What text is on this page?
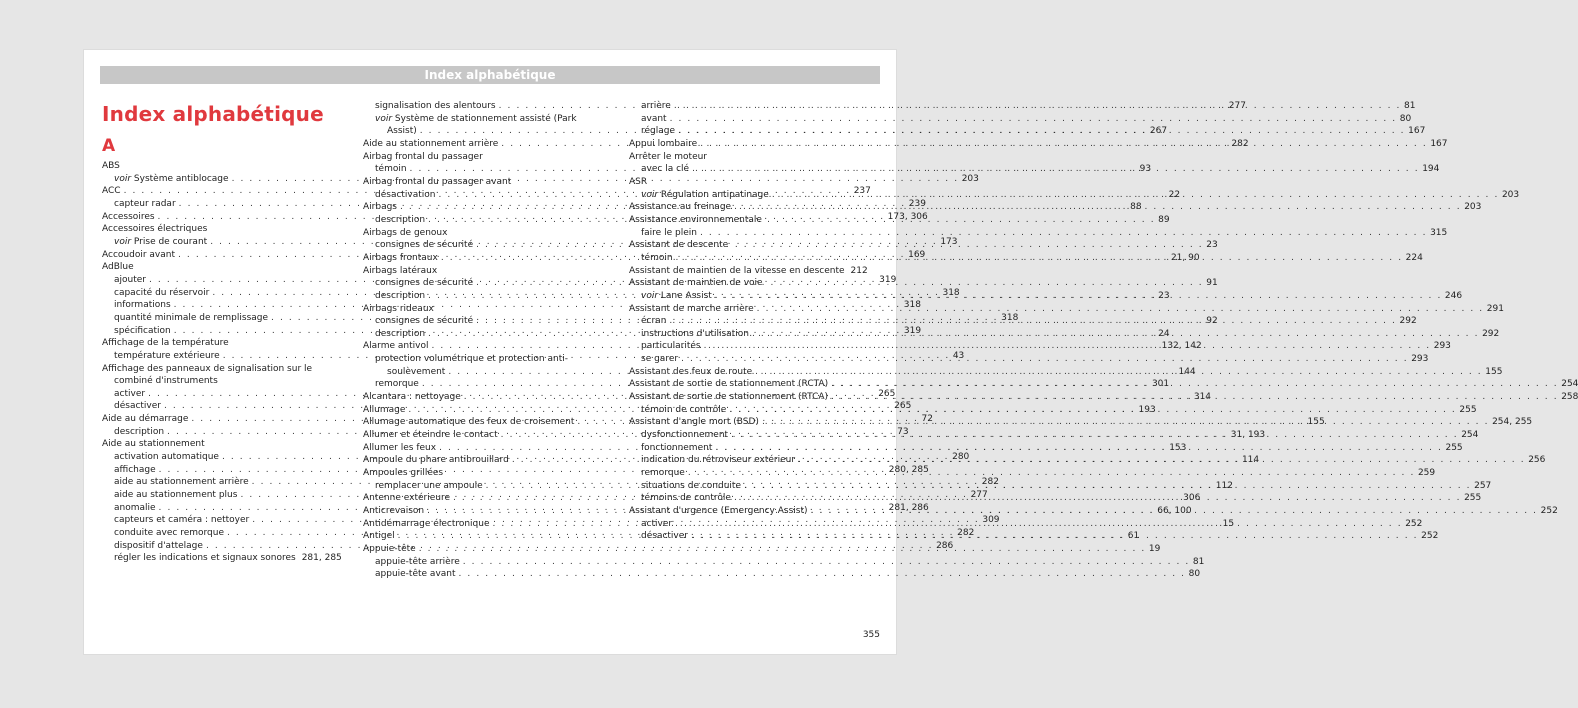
Index alphabétique
Index alphabétique
A
ABS
voir Système antiblocage . . .	203
ACC . . .	237
capteur radar . . .	239
Accessoires . . .	173, 306
Accessoires électriques
voir Prise de courant . . .	173
Accoudoir avant . . .	169
AdBlue
ajouter . . .	319
capacité du réservoir . . .	318
informations . . .	318
quantité minimale de remplissage . . .	318
spécification . . .	319
Affichage de la température
température extérieure . . .	43
Affichage des panneaux de signalisation sur le
combiné d'instruments
activer . . .	265
désactiver . . .	265
Aide au démarrage . . .	72
description . . .	73
Aide au stationnement
activation automatique . . .	280
affichage . . .	280, 285
aide au stationnement arrière . . .	282
aide au stationnement plus . . .	277
anomalie . . .	281, 286
capteurs et caméra : nettoyer . . .	309
conduite avec remorque . . .	282
dispositif d'attelage . . .	286
régler les indications et signaux sonores 281, 285
signalisation des alentours . . .	277
voir Système de stationnement assisté (Park
Assist) . . .	267
Aide au stationnement arrière . . .	282
Airbag frontal du passager
témoin . . .	93
Airbag frontal du passager avant
désactivation . . .	22
Airbags . . .	88
description . . .	89
Airbags de genoux
consignes de sécurité . . .	23
Airbags frontaux . . .	21, 90
Airbags latéraux
consignes de sécurité . . .	91
description . . .	23
Airbags rideaux
consignes de sécurité . . .	92
description . . .	24
Alarme antivol . . .	132, 142
protection volumétrique et protection anti-
soulèvement . . .	144
remorque . . .	301
Alcantara : nettoyage . . .	314
Allumage . . .	193
Allumage automatique des feux de croisement . . .	155
Allumer et éteindre le contact . . .	31, 193
Allumer les feux . . .	153
Ampoule du phare antibrouillard . . .	114
Ampoules grillées
remplacer une ampoule . . .	112
Antenne extérieure . . .	306
Anticrevaison . . .	66, 100
Antidémarrage électronique . . .	15
Antigel . . .	61
Appuie-tête . . .	19
appuie-tête arrière . . .	81
appuie-tête avant . . .	80
arrière . . .	81
avant . . .	80
réglage . . .	167
Appui lombaire . . .	167
Arrêter le moteur
avec la clé . . .	194
ASR
voir Régulation antipatinage . . .	203
Assistance au freinage . . .	203
Assistance environnementale
faire le plein . . .	315
Assistant de descente
témoin . . .	224
Assistant de maintien de la vitesse en descente 212
Assistant de maintien de voie
voir Lane Assist . . .	246
Assistant de marche arrière . . .	291
écran . . .	292
instructions d'utilisation . . .	292
particularités . . .	293
se garer . . .	293
Assistant des feux de route . . .	155
Assistant de sortie de stationnement (RCTA) . . .	254
Assistant de sortie de stationnement (RTCA) . . .	258
témoin de contrôle . . .	255
Assistant d'angle mort (BSD) . . .	254, 255
dysfonctionnement . . .	254
fonctionnement . . .	255
indication du rétroviseur extérieur . . .	256
remorque . . .	259
situations de conduite . . .	257
témoins de contrôle . . .	255
Assistant d'urgence (Emergency Assist) . . .	252
activer . . .	252
désactiver . . .	252
355
